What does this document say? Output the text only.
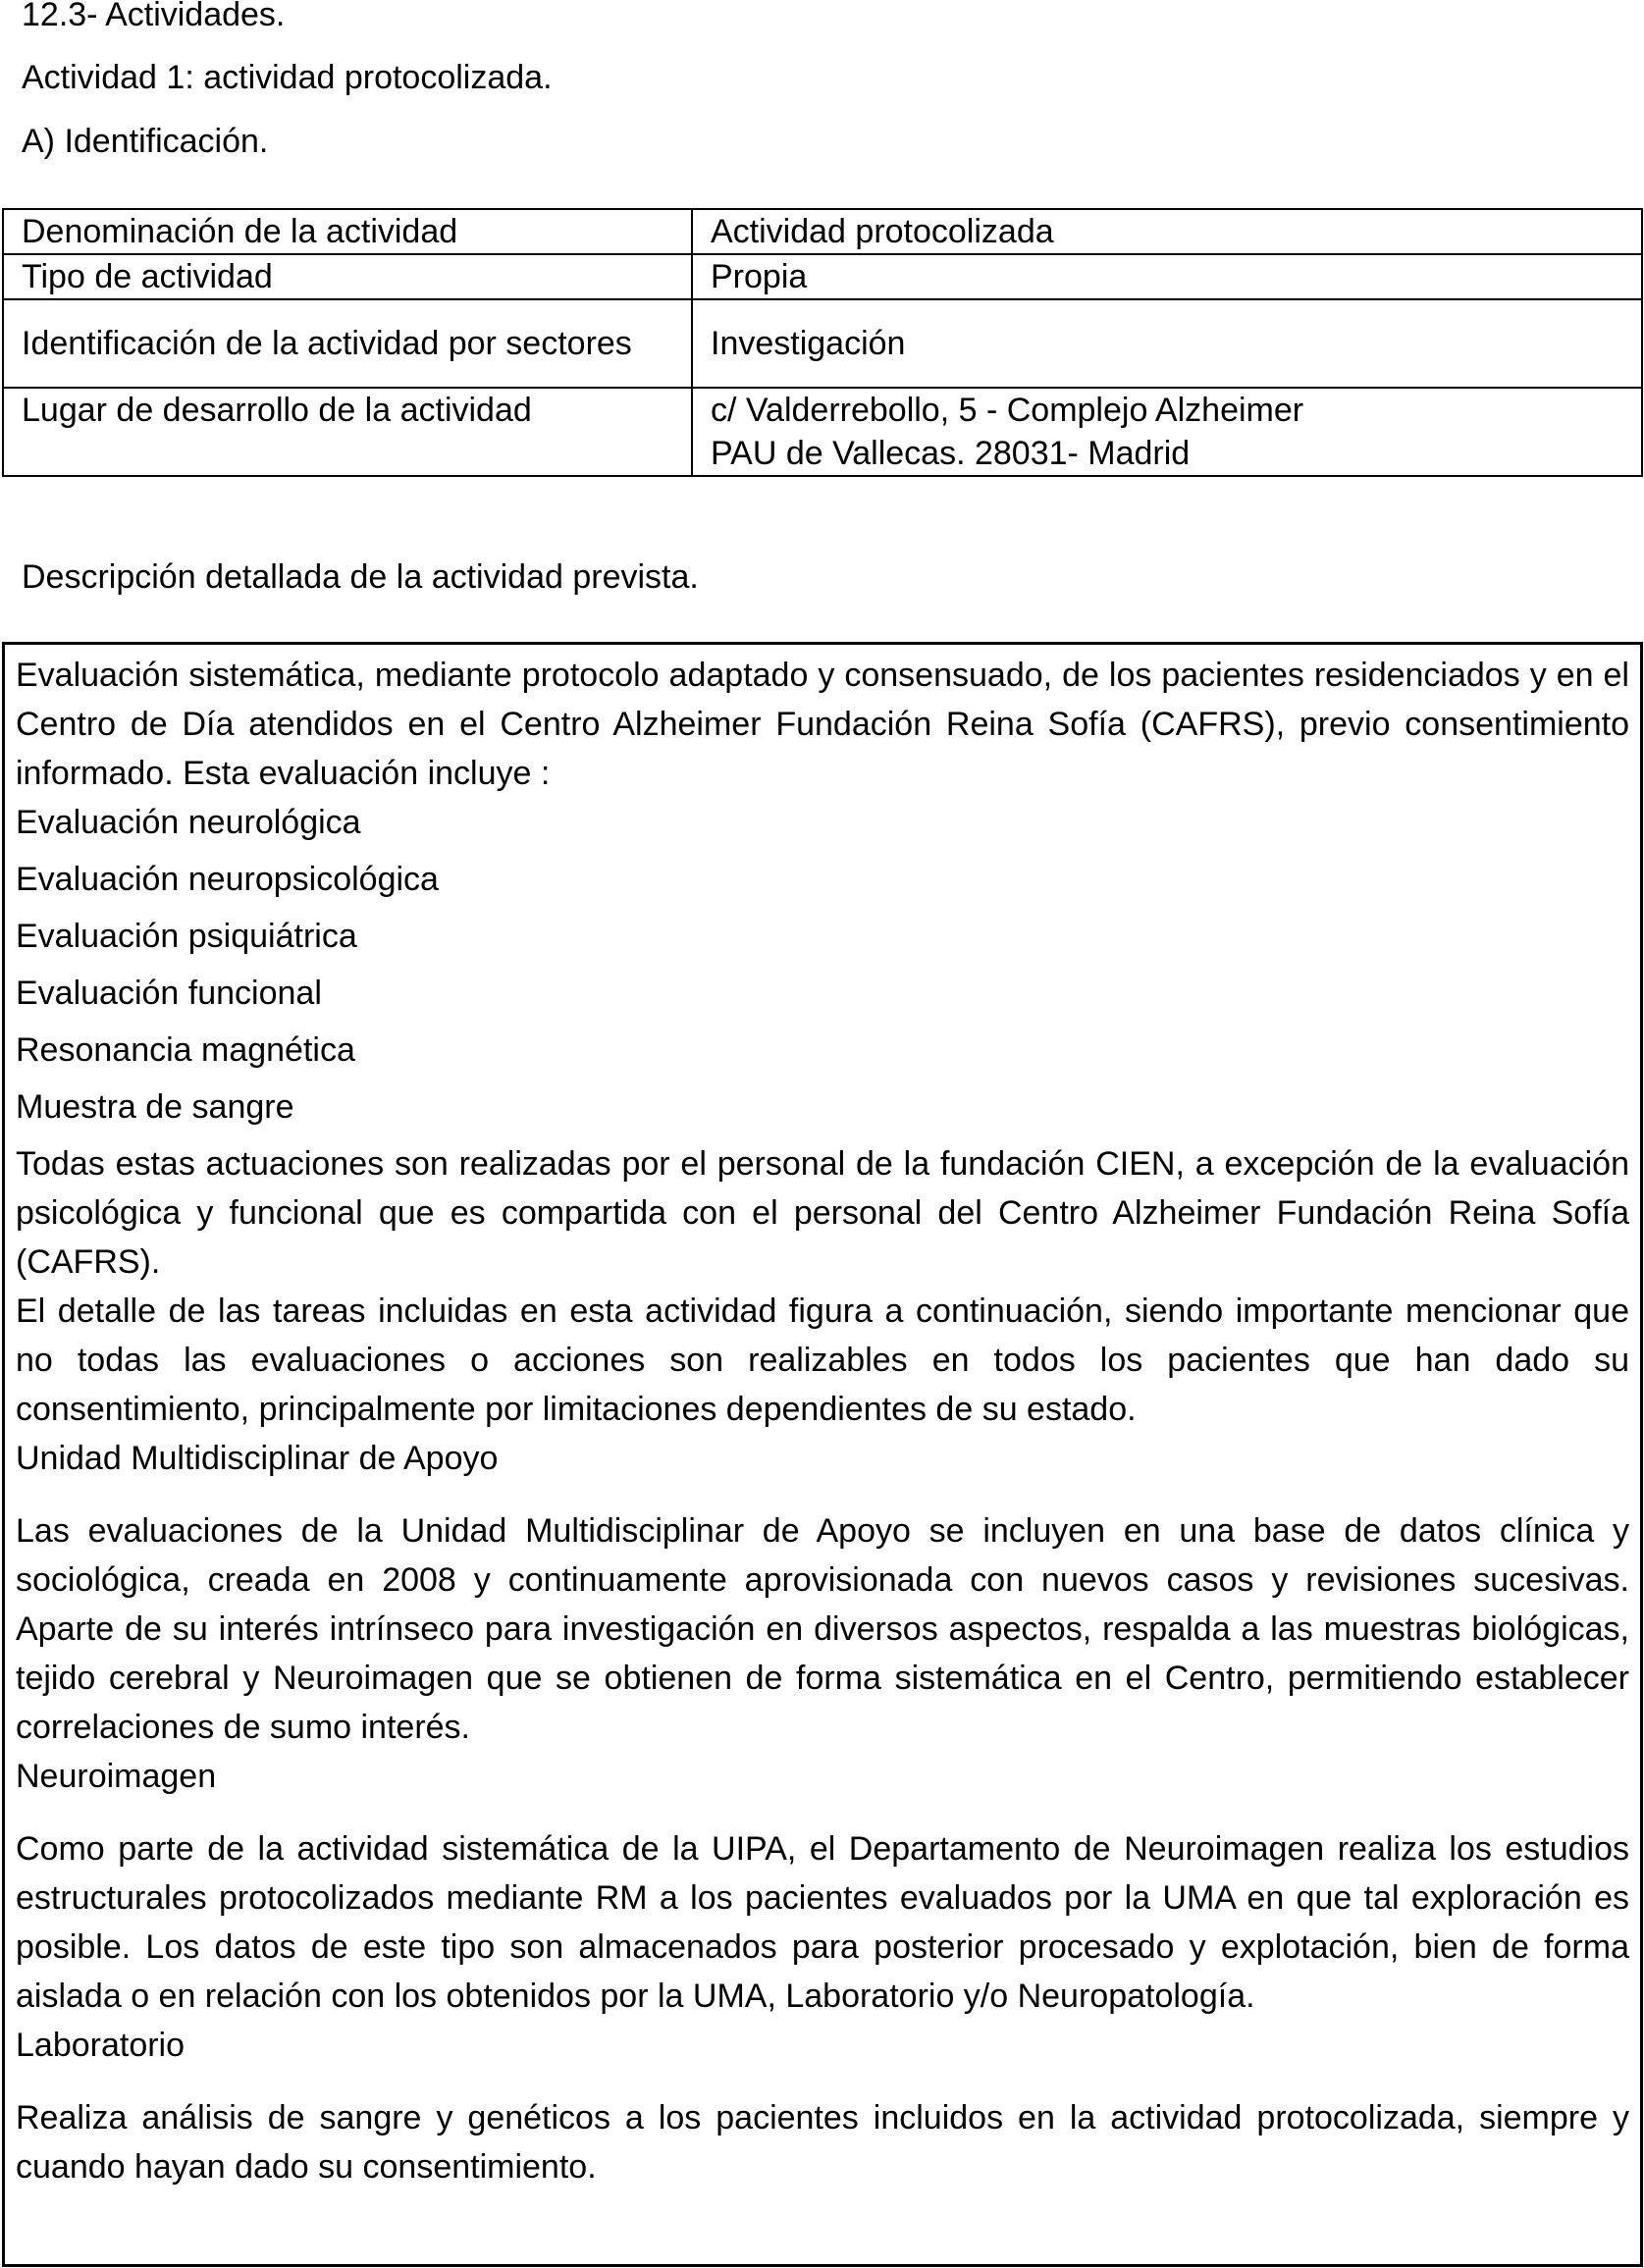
12.3- Actividades.

Actividad 1: actividad protocolizada.

A) Identificación.

Denominación de la actividad	Actividad protocolizada
Tipo de actividad	Propia
Identificación de la actividad por sectores	Investigación
Lugar de desarrollo de la actividad	c/ Valderrebollo, 5 - Complejo Alzheimer
PAU de Vallecas. 28031- Madrid

Descripción detallada de la actividad prevista.

Evaluación sistemática, mediante protocolo adaptado y consensuado, de los pacientes residenciados y en el Centro de Día atendidos en el Centro Alzheimer Fundación Reina Sofía (CAFRS), previo consentimiento informado. Esta evaluación incluye :

Evaluación neurológica
Evaluación neuropsicológica
Evaluación psiquiátrica
Evaluación funcional
Resonancia magnética
Muestra de sangre

Todas estas actuaciones son realizadas por el personal de la fundación CIEN, a excepción de la evaluación psicológica y funcional que es compartida con el personal del Centro Alzheimer Fundación Reina Sofía (CAFRS).

El detalle de las tareas incluidas en esta actividad figura a continuación, siendo importante mencionar que no todas las evaluaciones o acciones son realizables en todos los pacientes que han dado su consentimiento, principalmente por limitaciones dependientes de su estado.

Unidad Multidisciplinar de Apoyo

Las evaluaciones de la Unidad Multidisciplinar de Apoyo se incluyen en una base de datos clínica y sociológica, creada en 2008 y continuamente aprovisionada con nuevos casos y revisiones sucesivas. Aparte de su interés intrínseco para investigación en diversos aspectos, respalda a las muestras biológicas, tejido cerebral y Neuroimagen que se obtienen de forma sistemática en el Centro, permitiendo establecer correlaciones de sumo interés.

Neuroimagen

Como parte de la actividad sistemática de la UIPA, el Departamento de Neuroimagen realiza los estudios estructurales protocolizados mediante RM a los pacientes evaluados por la UMA en que tal exploración es posible. Los datos de este tipo son almacenados para posterior procesado y explotación, bien de forma aislada o en relación con los obtenidos por la UMA, Laboratorio y/o Neuropatología.

Laboratorio

Realiza análisis de sangre y genéticos a los pacientes incluidos en la actividad protocolizada, siempre y cuando hayan dado su consentimiento.
